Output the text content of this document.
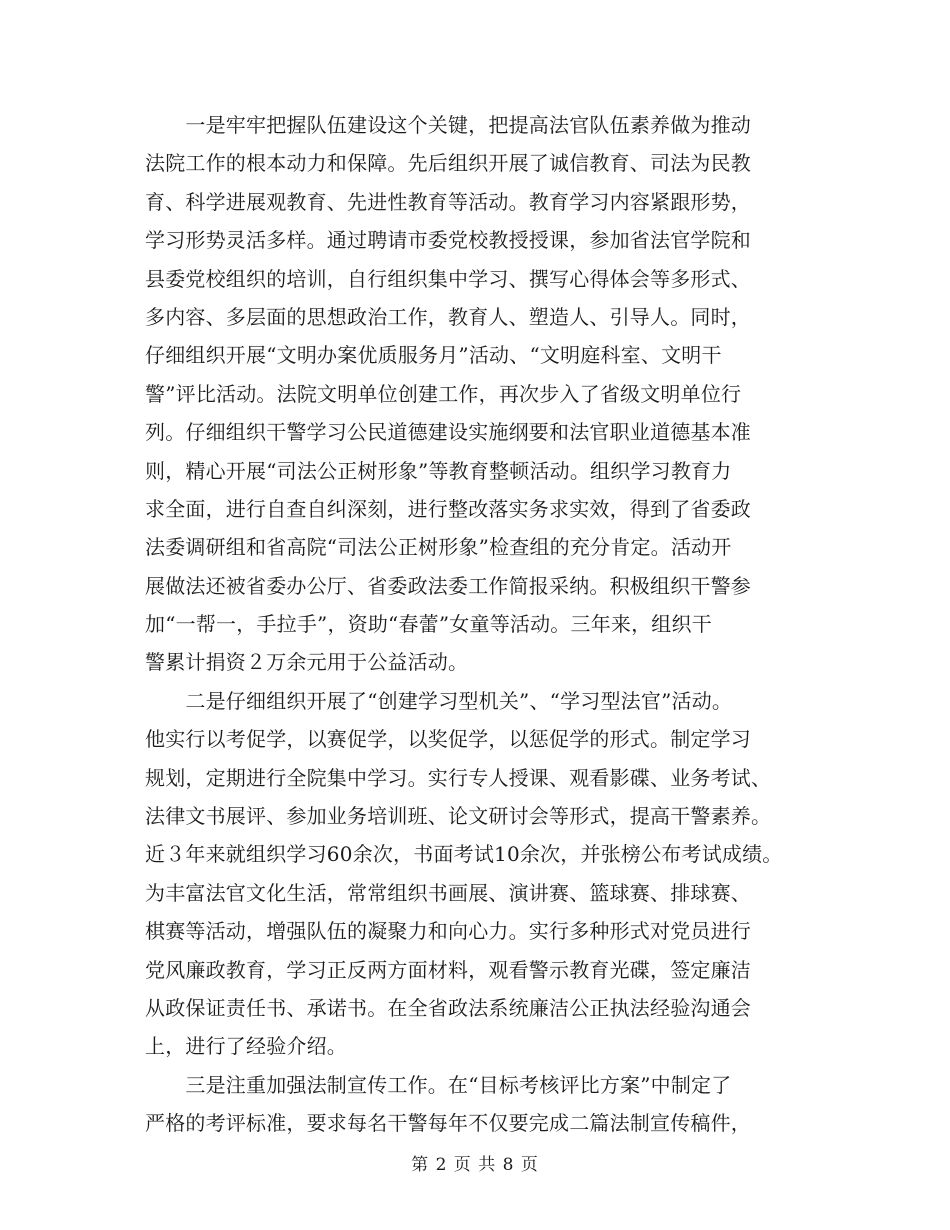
　　一是牢牢把握队伍建设这个关键，把提高法官队伍素养做为推动
法院工作的根本动力和保障。先后组织开展了诚信教育、司法为民教
育、科学进展观教育、先进性教育等活动。教育学习内容紧跟形势，
学习形势灵活多样。通过聘请市委党校教授授课，参加省法官学院和
县委党校组织的培训，自行组织集中学习、撰写心得体会等多形式、
多内容、多层面的思想政治工作，教育人、塑造人、引导人。同时，
仔细组织开展“文明办案优质服务月”活动、“文明庭科室、文明干
警”评比活动。法院文明单位创建工作，再次步入了省级文明单位行
列。仔细组织干警学习公民道德建设实施纲要和法官职业道德基本准
则，精心开展“司法公正树形象”等教育整顿活动。组织学习教育力
求全面，进行自查自纠深刻，进行整改落实务求实效，得到了省委政
法委调研组和省高院“司法公正树形象”检查组的充分肯定。活动开
展做法还被省委办公厅、省委政法委工作简报采纳。积极组织干警参
加“一帮一，手拉手”，资助“春蕾”女童等活动。三年来，组织干
警累计捐资２万余元用于公益活动。
　　二是仔细组织开展了“创建学习型机关”、“学习型法官”活动。
他实行以考促学，以赛促学，以奖促学，以惩促学的形式。制定学习
规划，定期进行全院集中学习。实行专人授课、观看影碟、业务考试、
法律文书展评、参加业务培训班、论文研讨会等形式，提高干警素养。
近３年来就组织学习60余次，书面考试10余次，并张榜公布考试成绩。
为丰富法官文化生活，常常组织书画展、演讲赛、篮球赛、排球赛、
棋赛等活动，增强队伍的凝聚力和向心力。实行多种形式对党员进行
党风廉政教育，学习正反两方面材料，观看警示教育光碟，签定廉洁
从政保证责任书、承诺书。在全省政法系统廉洁公正执法经验沟通会
上，进行了经验介绍。
　　三是注重加强法制宣传工作。在“目标考核评比方案”中制定了
严格的考评标准，要求每名干警每年不仅要完成二篇法制宣传稿件，
第 2 页 共 8 页
